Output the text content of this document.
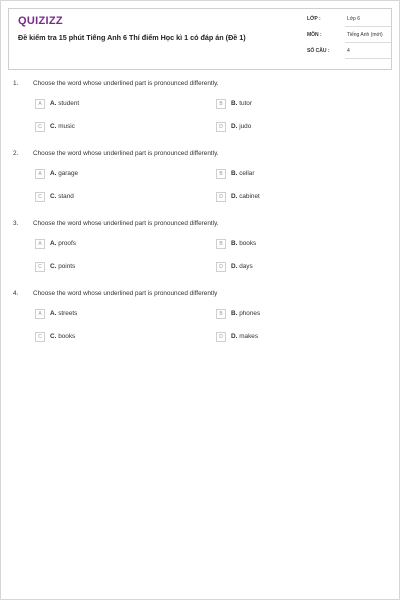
QUIZIZZ
Đề kiểm tra 15 phút Tiếng Anh 6 Thí điểm Học kì 1 có đáp án (Đề 1)
LỚP :	Lớp 6
MÔN :	Tiếng Anh (mới)
SỐ CÂU :	4
1. Choose the word whose underlined part is pronounced differently.
A	A. student	B	B. tutor
C	C. music	D	D. judo
2. Choose the word whose underlined part is pronounced differently.
A	A. garage	B	B. cellar
C	C. stand	D	D. cabinet
3. Choose the word whose underlined part is pronounced differently.
A	A. proofs	B	B. books
C	C. points	D	D. days
4. Choose the word whose underlined part is pronounced differently
A	A. streets	B	B. phones
C	C. books	D	D. makes
